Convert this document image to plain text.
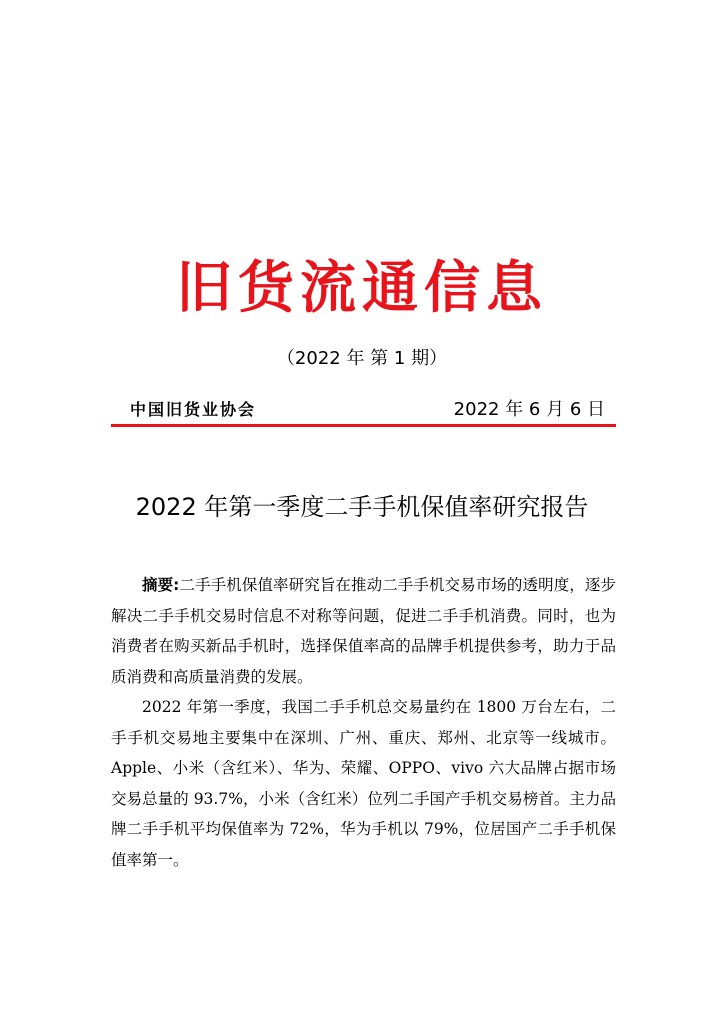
旧货流通信息
（2022 年 第 1 期）
中国旧货业协会	2022 年 6 月 6 日
2022 年第一季度二手手机保值率研究报告

摘要:二手手机保值率研究旨在推动二手手机交易市场的透明度，逐步解决二手手机交易时信息不对称等问题，促进二手手机消费。同时，也为消费者在购买新品手机时，选择保值率高的品牌手机提供参考，助力于品质消费和高质量消费的发展。

2022 年第一季度，我国二手手机总交易量约在 1800 万台左右，二手手机交易地主要集中在深圳、广州、重庆、郑州、北京等一线城市。Apple、小米（含红米）、华为、荣耀、OPPO、vivo 六大品牌占据市场交易总量的 93.7%，小米（含红米）位列二手国产手机交易榜首。主力品牌二手手机平均保值率为 72%，华为手机以 79%，位居国产二手手机保值率第一。
